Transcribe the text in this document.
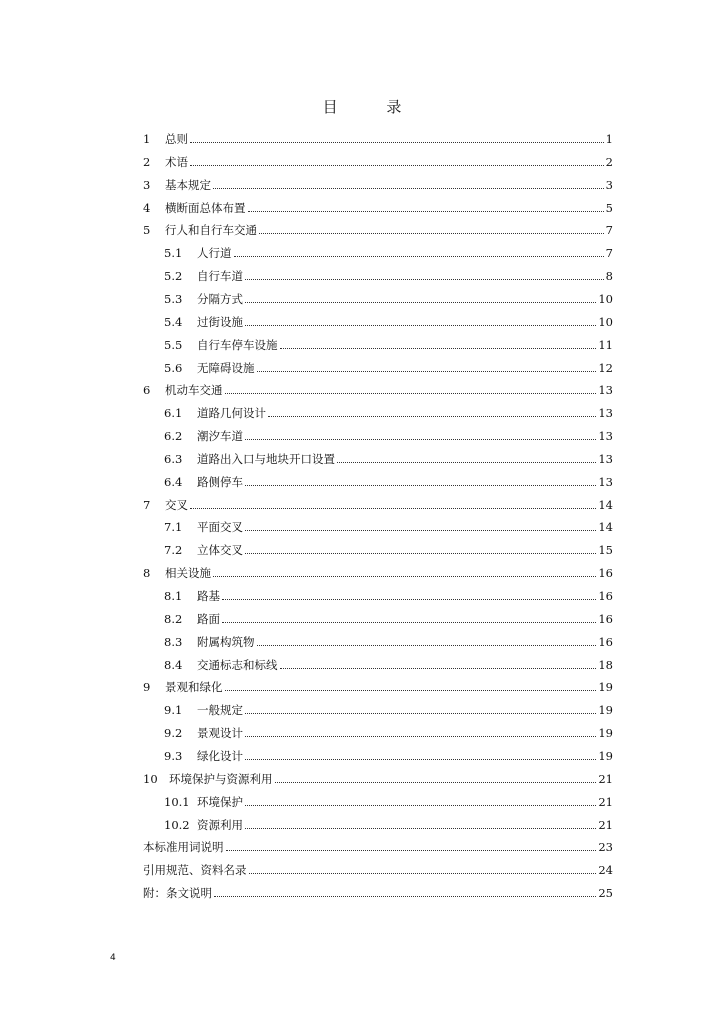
目 录
1	总则	1
2	术语	2
3	基本规定	3
4	横断面总体布置	5
5	行人和自行车交通	7
5.1	人行道	7
5.2	自行车道	8
5.3	分隔方式	10
5.4	过街设施	10
5.5	自行车停车设施	11
5.6	无障碍设施	12
6	机动车交通	13
6.1	道路几何设计	13
6.2	潮汐车道	13
6.3	道路出入口与地块开口设置	13
6.4	路侧停车	13
7	交叉	14
7.1	平面交叉	14
7.2	立体交叉	15
8	相关设施	16
8.1	路基	16
8.2	路面	16
8.3	附属构筑物	16
8.4	交通标志和标线	18
9	景观和绿化	19
9.1	一般规定	19
9.2	景观设计	19
9.3	绿化设计	19
10 环境保护与资源利用	21
10.1 环境保护	21
10.2 资源利用	21
本标准用词说明	23
引用规范、资料名录	24
附：条文说明	25
4
